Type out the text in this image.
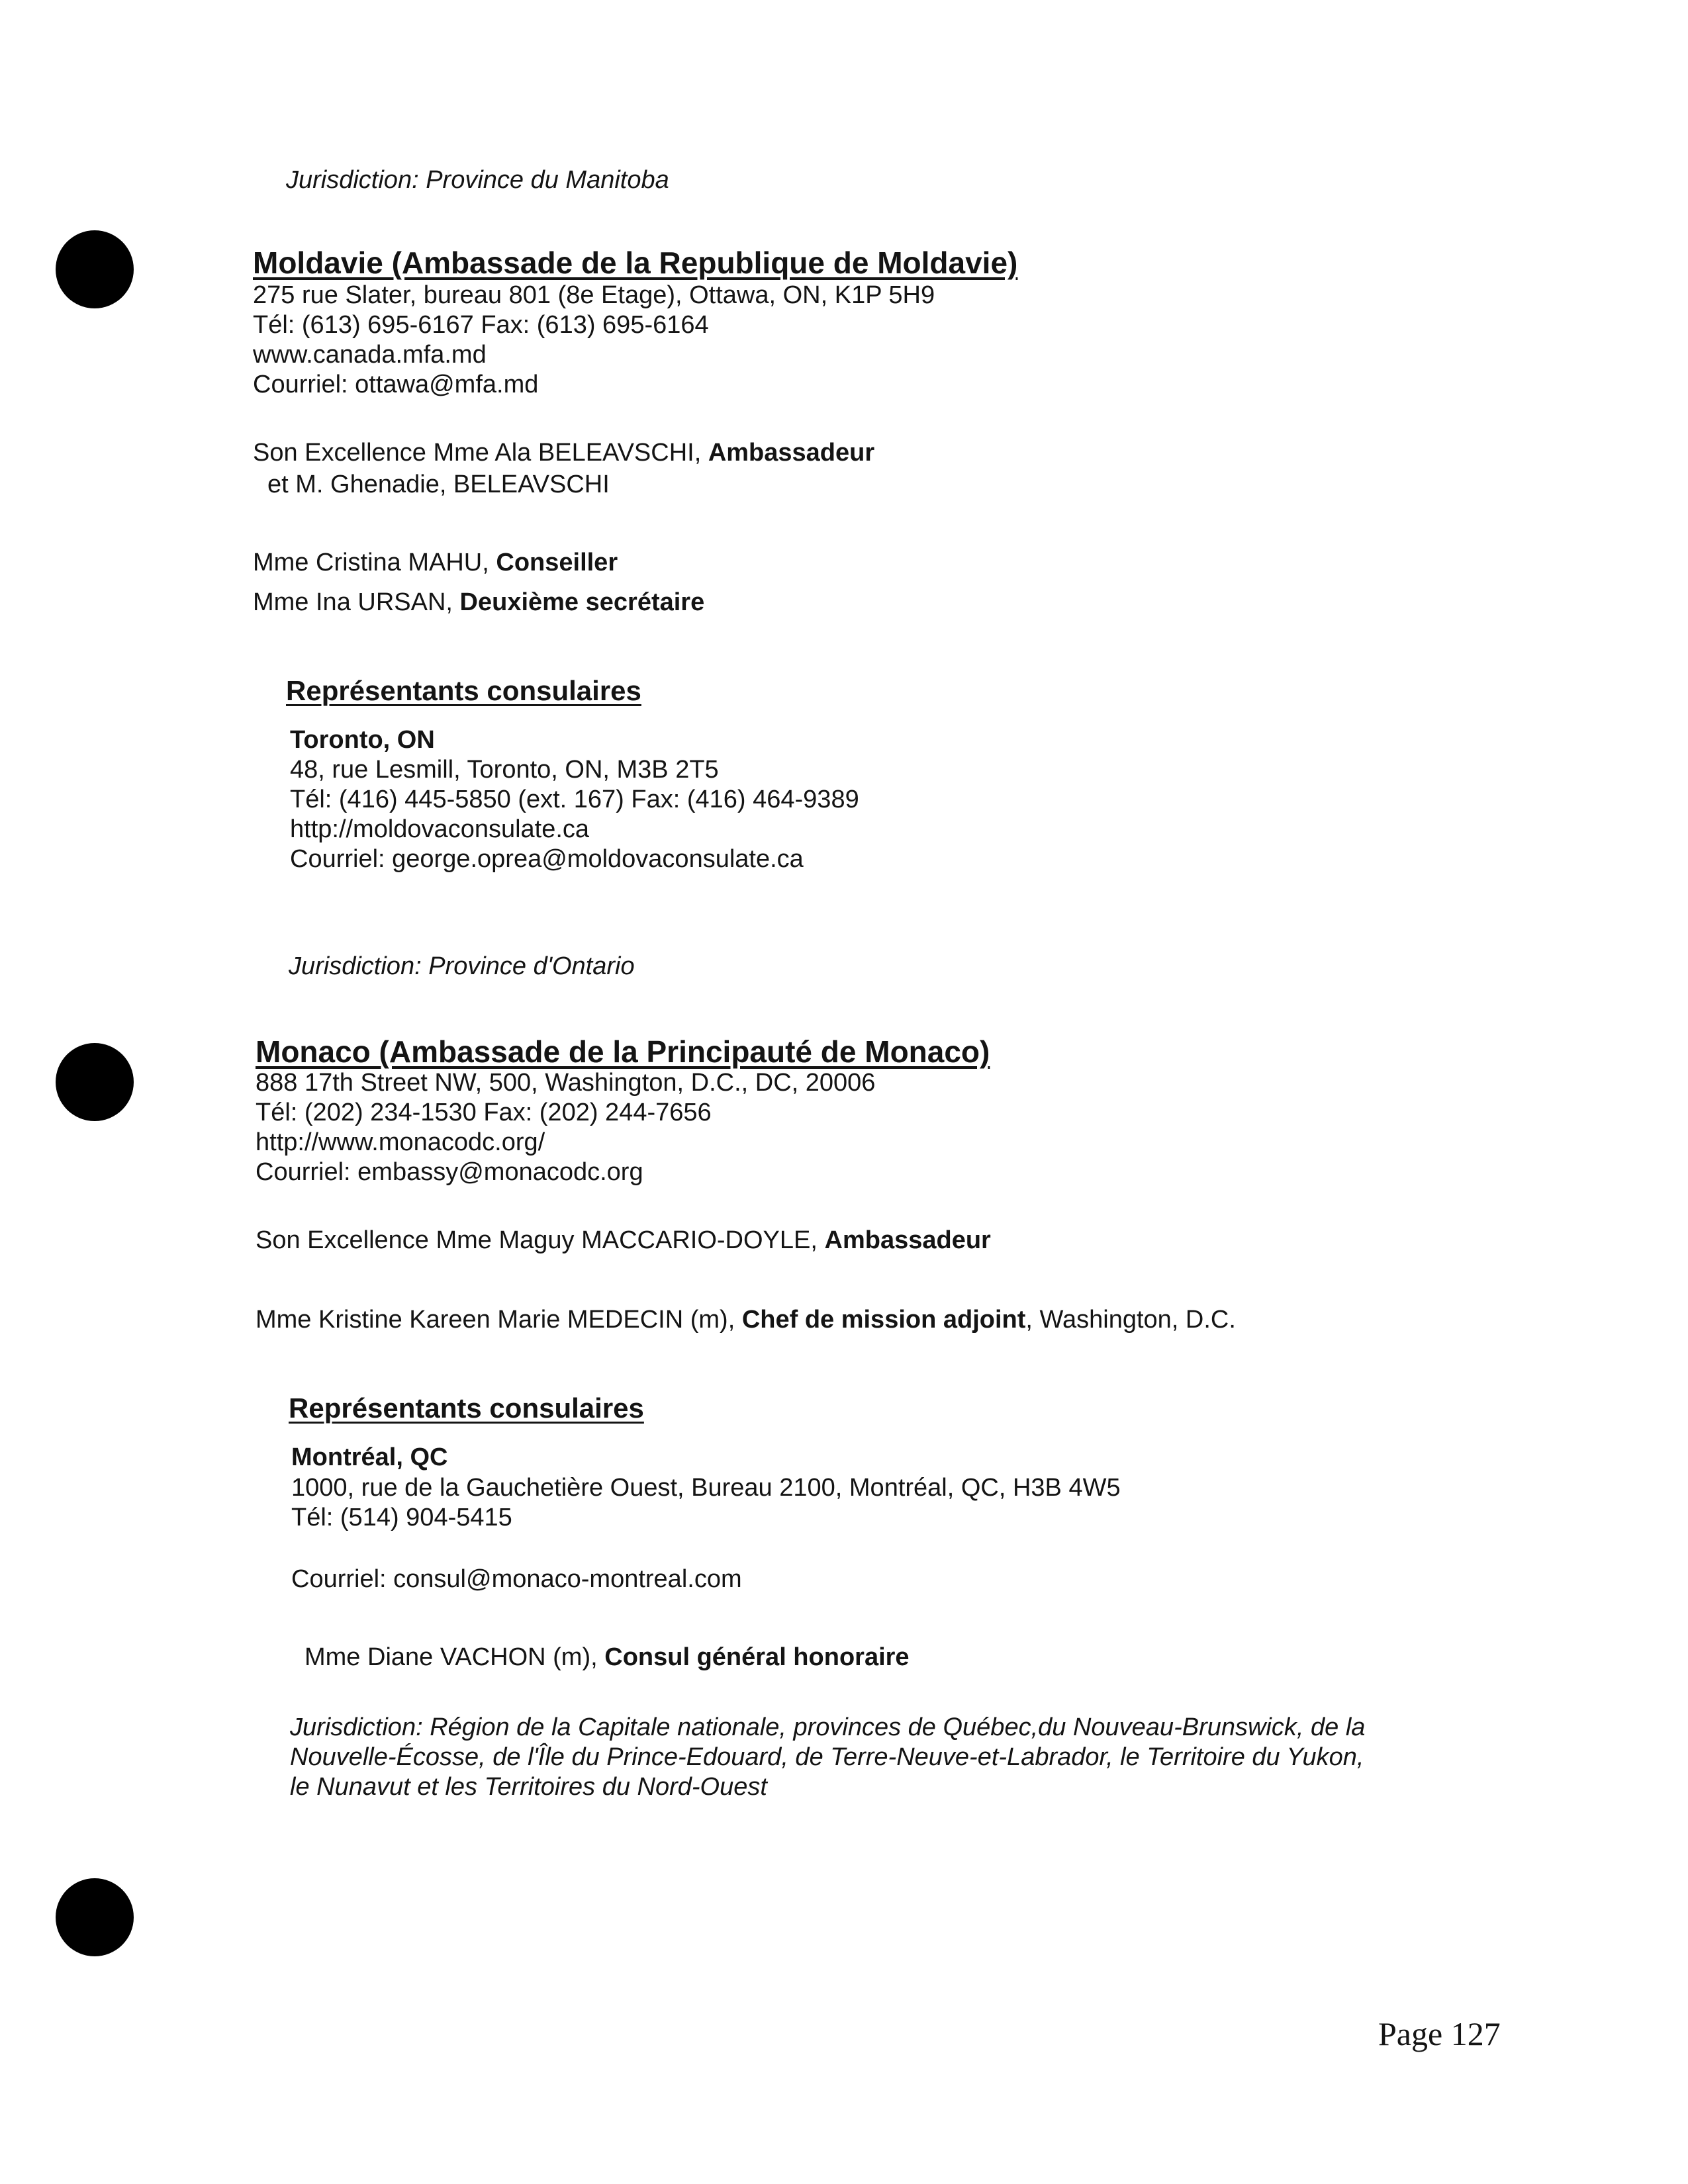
Jurisdiction: Province du Manitoba
Moldavie (Ambassade de la Republique de Moldavie)
275 rue Slater, bureau 801 (8e Etage), Ottawa, ON, K1P 5H9
Tél: (613) 695-6167 Fax: (613) 695-6164
www.canada.mfa.md
Courriel: ottawa@mfa.md
Son Excellence Mme Ala BELEAVSCHI, Ambassadeur
et M. Ghenadie, BELEAVSCHI
Mme Cristina MAHU, Conseiller
Mme Ina URSAN, Deuxième secrétaire
Représentants consulaires
Toronto, ON
48, rue Lesmill, Toronto, ON, M3B 2T5
Tél: (416) 445-5850 (ext. 167) Fax: (416) 464-9389
http://moldovaconsulate.ca
Courriel: george.oprea@moldovaconsulate.ca
Jurisdiction: Province d'Ontario
Monaco (Ambassade de la Principauté de Monaco)
888 17th Street NW, 500, Washington, D.C., DC, 20006
Tél: (202) 234-1530 Fax: (202) 244-7656
http://www.monacodc.org/
Courriel: embassy@monacodc.org
Son Excellence Mme Maguy MACCARIO-DOYLE, Ambassadeur
Mme Kristine Kareen Marie MEDECIN (m), Chef de mission adjoint, Washington, D.C.
Représentants consulaires
Montréal, QC
1000, rue de la Gauchetière Ouest, Bureau 2100, Montréal, QC, H3B 4W5
Tél: (514) 904-5415
Courriel: consul@monaco-montreal.com
Mme Diane VACHON (m), Consul général honoraire
Jurisdiction: Région de la Capitale nationale, provinces de Québec,du Nouveau-Brunswick, de la
Nouvelle-Écosse, de l'Île du Prince-Edouard, de Terre-Neuve-et-Labrador, le Territoire du Yukon,
le Nunavut et les Territoires du Nord-Ouest
Page 127
